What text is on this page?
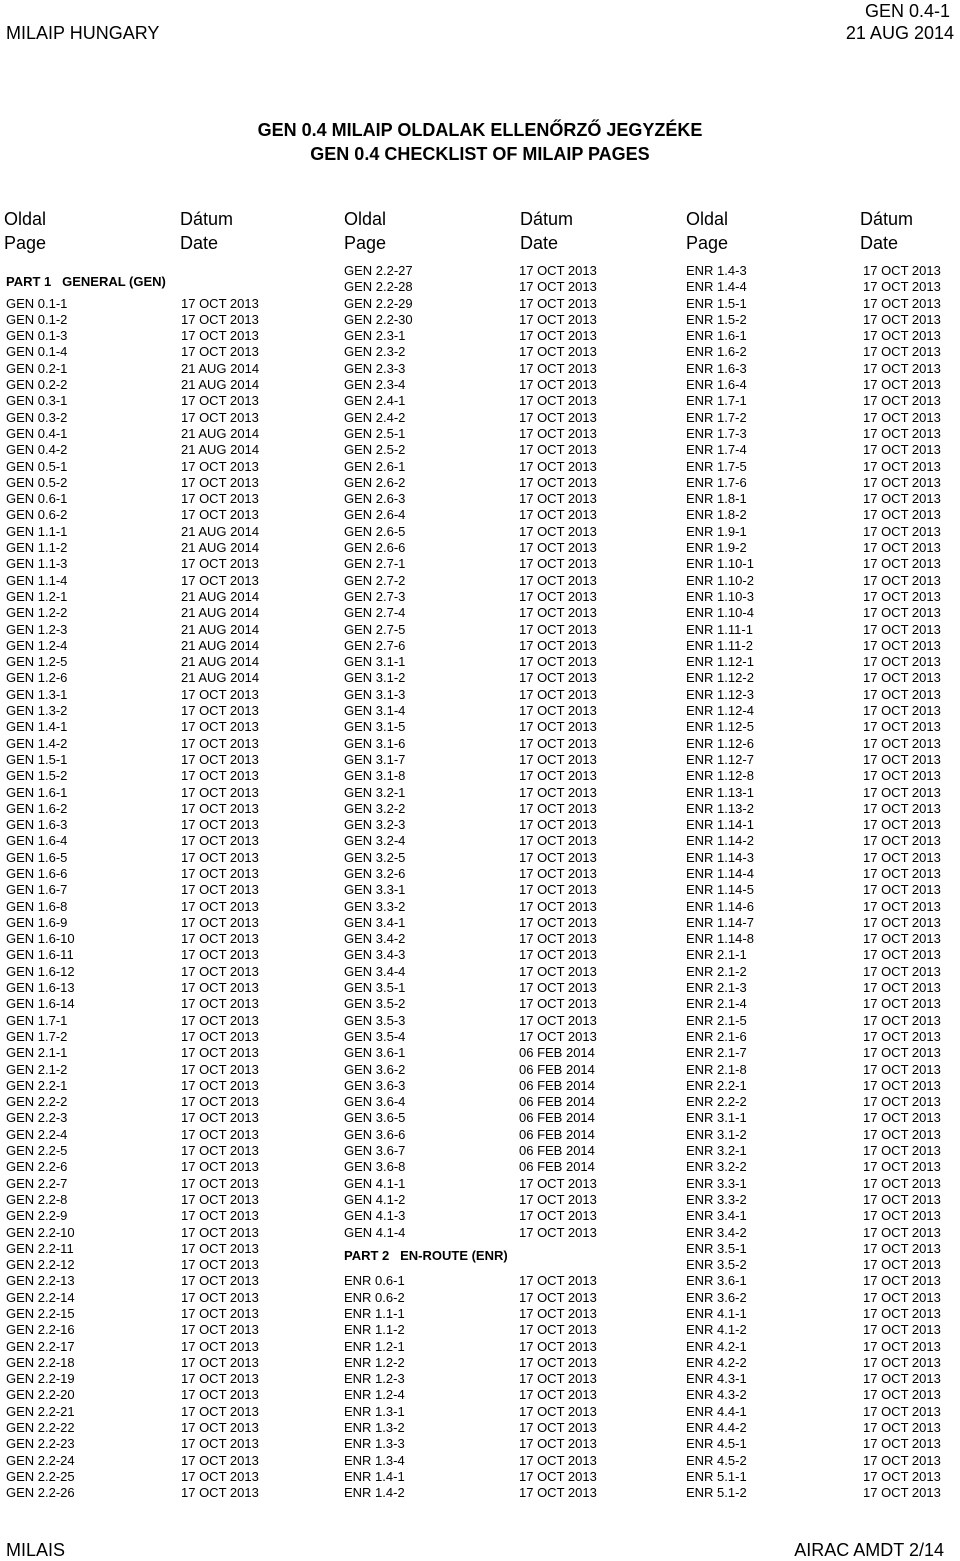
GEN 0.4-1
MILAIP HUNGARY	21 AUG 2014
GEN 0.4 MILAIP OLDALAK ELLENŐRZŐ JEGYZÉKE
GEN 0.4 CHECKLIST OF MILAIP PAGES
Oldal
Page
Dátum
Date
Oldal
Page
Dátum
Date
Oldal
Page
Dátum
Date
PART 1   GENERAL (GEN)
GEN 0.1-1	17 OCT 2013
GEN 0.1-2	17 OCT 2013
GEN 0.1-3	17 OCT 2013
GEN 0.1-4	17 OCT 2013
GEN 0.2-1	21 AUG 2014
GEN 0.2-2	21 AUG 2014
GEN 0.3-1	17 OCT 2013
GEN 0.3-2	17 OCT 2013
GEN 0.4-1	21 AUG 2014
GEN 0.4-2	21 AUG 2014
GEN 0.5-1	17 OCT 2013
GEN 0.5-2	17 OCT 2013
GEN 0.6-1	17 OCT 2013
GEN 0.6-2	17 OCT 2013
GEN 1.1-1	21 AUG 2014
GEN 1.1-2	21 AUG 2014
GEN 1.1-3	17 OCT 2013
GEN 1.1-4	17 OCT 2013
GEN 1.2-1	21 AUG 2014
GEN 1.2-2	21 AUG 2014
GEN 1.2-3	21 AUG 2014
GEN 1.2-4	21 AUG 2014
GEN 1.2-5	21 AUG 2014
GEN 1.2-6	21 AUG 2014
GEN 1.3-1	17 OCT 2013
GEN 1.3-2	17 OCT 2013
GEN 1.4-1	17 OCT 2013
GEN 1.4-2	17 OCT 2013
GEN 1.5-1	17 OCT 2013
GEN 1.5-2	17 OCT 2013
GEN 1.6-1	17 OCT 2013
GEN 1.6-2	17 OCT 2013
GEN 1.6-3	17 OCT 2013
GEN 1.6-4	17 OCT 2013
GEN 1.6-5	17 OCT 2013
GEN 1.6-6	17 OCT 2013
GEN 1.6-7	17 OCT 2013
GEN 1.6-8	17 OCT 2013
GEN 1.6-9	17 OCT 2013
GEN 1.6-10	17 OCT 2013
GEN 1.6-11	17 OCT 2013
GEN 1.6-12	17 OCT 2013
GEN 1.6-13	17 OCT 2013
GEN 1.6-14	17 OCT 2013
GEN 1.7-1	17 OCT 2013
GEN 1.7-2	17 OCT 2013
GEN 2.1-1	17 OCT 2013
GEN 2.1-2	17 OCT 2013
GEN 2.2-1	17 OCT 2013
GEN 2.2-2	17 OCT 2013
GEN 2.2-3	17 OCT 2013
GEN 2.2-4	17 OCT 2013
GEN 2.2-5	17 OCT 2013
GEN 2.2-6	17 OCT 2013
GEN 2.2-7	17 OCT 2013
GEN 2.2-8	17 OCT 2013
GEN 2.2-9	17 OCT 2013
GEN 2.2-10	17 OCT 2013
GEN 2.2-11	17 OCT 2013
GEN 2.2-12	17 OCT 2013
GEN 2.2-13	17 OCT 2013
GEN 2.2-14	17 OCT 2013
GEN 2.2-15	17 OCT 2013
GEN 2.2-16	17 OCT 2013
GEN 2.2-17	17 OCT 2013
GEN 2.2-18	17 OCT 2013
GEN 2.2-19	17 OCT 2013
GEN 2.2-20	17 OCT 2013
GEN 2.2-21	17 OCT 2013
GEN 2.2-22	17 OCT 2013
GEN 2.2-23	17 OCT 2013
GEN 2.2-24	17 OCT 2013
GEN 2.2-25	17 OCT 2013
GEN 2.2-26	17 OCT 2013
GEN 2.2-27	17 OCT 2013
GEN 2.2-28	17 OCT 2013
GEN 2.2-29	17 OCT 2013
GEN 2.2-30	17 OCT 2013
GEN 2.3-1	17 OCT 2013
GEN 2.3-2	17 OCT 2013
GEN 2.3-3	17 OCT 2013
GEN 2.3-4	17 OCT 2013
GEN 2.4-1	17 OCT 2013
GEN 2.4-2	17 OCT 2013
GEN 2.5-1	17 OCT 2013
GEN 2.5-2	17 OCT 2013
GEN 2.6-1	17 OCT 2013
GEN 2.6-2	17 OCT 2013
GEN 2.6-3	17 OCT 2013
GEN 2.6-4	17 OCT 2013
GEN 2.6-5	17 OCT 2013
GEN 2.6-6	17 OCT 2013
GEN 2.7-1	17 OCT 2013
GEN 2.7-2	17 OCT 2013
GEN 2.7-3	17 OCT 2013
GEN 2.7-4	17 OCT 2013
GEN 2.7-5	17 OCT 2013
GEN 2.7-6	17 OCT 2013
GEN 3.1-1	17 OCT 2013
GEN 3.1-2	17 OCT 2013
GEN 3.1-3	17 OCT 2013
GEN 3.1-4	17 OCT 2013
GEN 3.1-5	17 OCT 2013
GEN 3.1-6	17 OCT 2013
GEN 3.1-7	17 OCT 2013
GEN 3.1-8	17 OCT 2013
GEN 3.2-1	17 OCT 2013
GEN 3.2-2	17 OCT 2013
GEN 3.2-3	17 OCT 2013
GEN 3.2-4	17 OCT 2013
GEN 3.2-5	17 OCT 2013
GEN 3.2-6	17 OCT 2013
GEN 3.3-1	17 OCT 2013
GEN 3.3-2	17 OCT 2013
GEN 3.4-1	17 OCT 2013
GEN 3.4-2	17 OCT 2013
GEN 3.4-3	17 OCT 2013
GEN 3.4-4	17 OCT 2013
GEN 3.5-1	17 OCT 2013
GEN 3.5-2	17 OCT 2013
GEN 3.5-3	17 OCT 2013
GEN 3.5-4	17 OCT 2013
GEN 3.6-1	06 FEB 2014
GEN 3.6-2	06 FEB 2014
GEN 3.6-3	06 FEB 2014
GEN 3.6-4	06 FEB 2014
GEN 3.6-5	06 FEB 2014
GEN 3.6-6	06 FEB 2014
GEN 3.6-7	06 FEB 2014
GEN 3.6-8	06 FEB 2014
GEN 4.1-1	17 OCT 2013
GEN 4.1-2	17 OCT 2013
GEN 4.1-3	17 OCT 2013
GEN 4.1-4	17 OCT 2013
PART 2   EN-ROUTE (ENR)
ENR 0.6-1	17 OCT 2013
ENR 0.6-2	17 OCT 2013
ENR 1.1-1	17 OCT 2013
ENR 1.1-2	17 OCT 2013
ENR 1.2-1	17 OCT 2013
ENR 1.2-2	17 OCT 2013
ENR 1.2-3	17 OCT 2013
ENR 1.2-4	17 OCT 2013
ENR 1.3-1	17 OCT 2013
ENR 1.3-2	17 OCT 2013
ENR 1.3-3	17 OCT 2013
ENR 1.3-4	17 OCT 2013
ENR 1.4-1	17 OCT 2013
ENR 1.4-2	17 OCT 2013
ENR 1.4-3	17 OCT 2013
ENR 1.4-4	17 OCT 2013
ENR 1.5-1	17 OCT 2013
ENR 1.5-2	17 OCT 2013
ENR 1.6-1	17 OCT 2013
ENR 1.6-2	17 OCT 2013
ENR 1.6-3	17 OCT 2013
ENR 1.6-4	17 OCT 2013
ENR 1.7-1	17 OCT 2013
ENR 1.7-2	17 OCT 2013
ENR 1.7-3	17 OCT 2013
ENR 1.7-4	17 OCT 2013
ENR 1.7-5	17 OCT 2013
ENR 1.7-6	17 OCT 2013
ENR 1.8-1	17 OCT 2013
ENR 1.8-2	17 OCT 2013
ENR 1.9-1	17 OCT 2013
ENR 1.9-2	17 OCT 2013
ENR 1.10-1	17 OCT 2013
ENR 1.10-2	17 OCT 2013
ENR 1.10-3	17 OCT 2013
ENR 1.10-4	17 OCT 2013
ENR 1.11-1	17 OCT 2013
ENR 1.11-2	17 OCT 2013
ENR 1.12-1	17 OCT 2013
ENR 1.12-2	17 OCT 2013
ENR 1.12-3	17 OCT 2013
ENR 1.12-4	17 OCT 2013
ENR 1.12-5	17 OCT 2013
ENR 1.12-6	17 OCT 2013
ENR 1.12-7	17 OCT 2013
ENR 1.12-8	17 OCT 2013
ENR 1.13-1	17 OCT 2013
ENR 1.13-2	17 OCT 2013
ENR 1.14-1	17 OCT 2013
ENR 1.14-2	17 OCT 2013
ENR 1.14-3	17 OCT 2013
ENR 1.14-4	17 OCT 2013
ENR 1.14-5	17 OCT 2013
ENR 1.14-6	17 OCT 2013
ENR 1.14-7	17 OCT 2013
ENR 1.14-8	17 OCT 2013
ENR 2.1-1	17 OCT 2013
ENR 2.1-2	17 OCT 2013
ENR 2.1-3	17 OCT 2013
ENR 2.1-4	17 OCT 2013
ENR 2.1-5	17 OCT 2013
ENR 2.1-6	17 OCT 2013
ENR 2.1-7	17 OCT 2013
ENR 2.1-8	17 OCT 2013
ENR 2.2-1	17 OCT 2013
ENR 2.2-2	17 OCT 2013
ENR 3.1-1	17 OCT 2013
ENR 3.1-2	17 OCT 2013
ENR 3.2-1	17 OCT 2013
ENR 3.2-2	17 OCT 2013
ENR 3.3-1	17 OCT 2013
ENR 3.3-2	17 OCT 2013
ENR 3.4-1	17 OCT 2013
ENR 3.4-2	17 OCT 2013
ENR 3.5-1	17 OCT 2013
ENR 3.5-2	17 OCT 2013
ENR 3.6-1	17 OCT 2013
ENR 3.6-2	17 OCT 2013
ENR 4.1-1	17 OCT 2013
ENR 4.1-2	17 OCT 2013
ENR 4.2-1	17 OCT 2013
ENR 4.2-2	17 OCT 2013
ENR 4.3-1	17 OCT 2013
ENR 4.3-2	17 OCT 2013
ENR 4.4-1	17 OCT 2013
ENR 4.4-2	17 OCT 2013
ENR 4.5-1	17 OCT 2013
ENR 4.5-2	17 OCT 2013
ENR 5.1-1	17 OCT 2013
ENR 5.1-2	17 OCT 2013
MILAIS	AIRAC AMDT 2/14
